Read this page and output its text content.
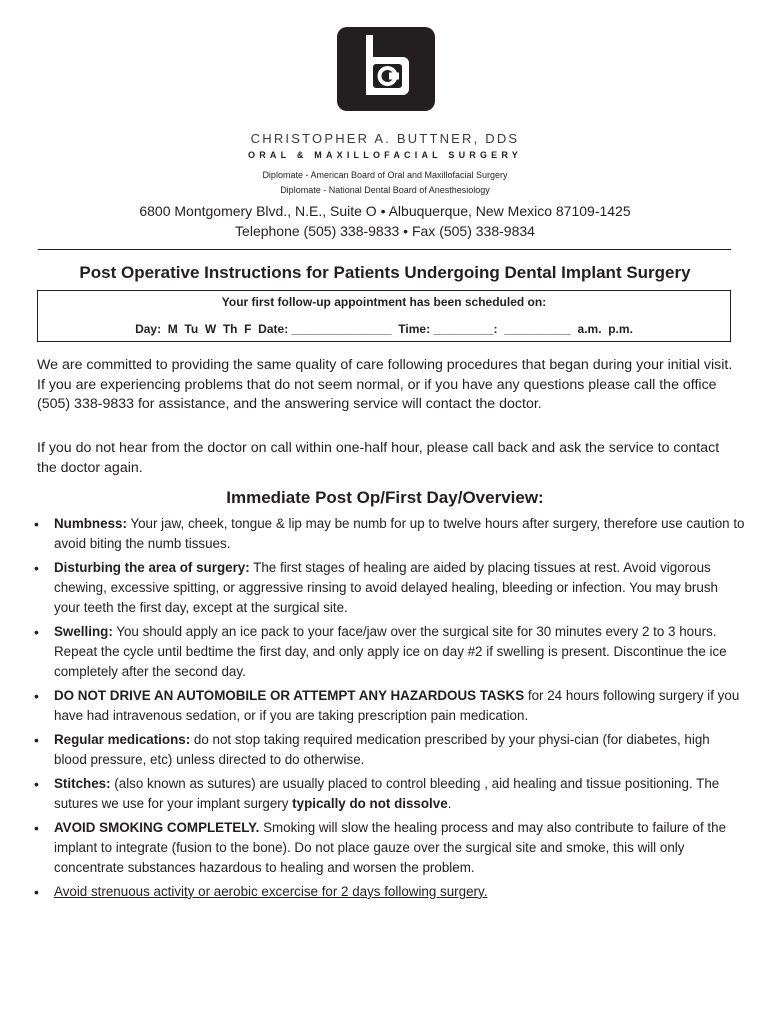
CHRISTOPHER A. BUTTNER, DDS
ORAL & MAXILLOFACIAL SURGERY
Diplomate - American Board of Oral and Maxillofacial Surgery
Diplomate - National Dental Board of Anesthesiology
6800 Montgomery Blvd., N.E., Suite O • Albuquerque, New Mexico 87109-1425
Telephone (505) 338-9833 • Fax (505) 338-9834
Post Operative Instructions for Patients Undergoing Dental Implant Surgery
Your first follow-up appointment has been scheduled on:
Day:  M  Tu  W  Th  F  Date: _______________  Time: _________:  __________  a.m.  p.m.
We are committed to providing the same quality of care following procedures that began during your initial visit. If you are experiencing problems that do not seem normal, or if you have any questions please call the office (505) 338-9833 for assistance, and the answering service will contact the doctor.
If you do not hear from the doctor on call within one-half hour, please call back and ask the service to contact the doctor again.
Immediate Post Op/First Day/Overview:
• Numbness: Your jaw, cheek, tongue & lip may be numb for up to twelve hours after surgery, therefore use caution to avoid biting the numb tissues.
• Disturbing the area of surgery: The first stages of healing are aided by placing tissues at rest. Avoid vigorous chewing, excessive spitting, or aggressive rinsing to avoid delayed healing, bleeding or infection. You may brush your teeth the first day, except at the surgical site.
• Swelling: You should apply an ice pack to your face/jaw over the surgical site for 30 minutes every 2 to 3 hours. Repeat the cycle until bedtime the first day, and only apply ice on day #2 if swelling is present. Discontinue the ice completely after the second day.
• DO NOT DRIVE AN AUTOMOBILE OR ATTEMPT ANY HAZARDOUS TASKS for 24 hours following surgery if you have had intravenous sedation, or if you are taking prescription pain medication.
• Regular medications: do not stop taking required medication prescribed by your physi-cian (for diabetes, high blood pressure, etc) unless directed to do otherwise.
• Stitches: (also known as sutures) are usually placed to control bleeding , aid healing and tissue positioning. The sutures we use for your implant surgery typically do not dissolve.
• AVOID SMOKING COMPLETELY. Smoking will slow the healing process and may also contribute to failure of the implant to integrate (fusion to the bone). Do not place gauze over the surgical site and smoke, this will only concentrate substances hazardous to healing and worsen the problem.
• Avoid strenuous activity or aerobic excercise for 2 days following surgery.
